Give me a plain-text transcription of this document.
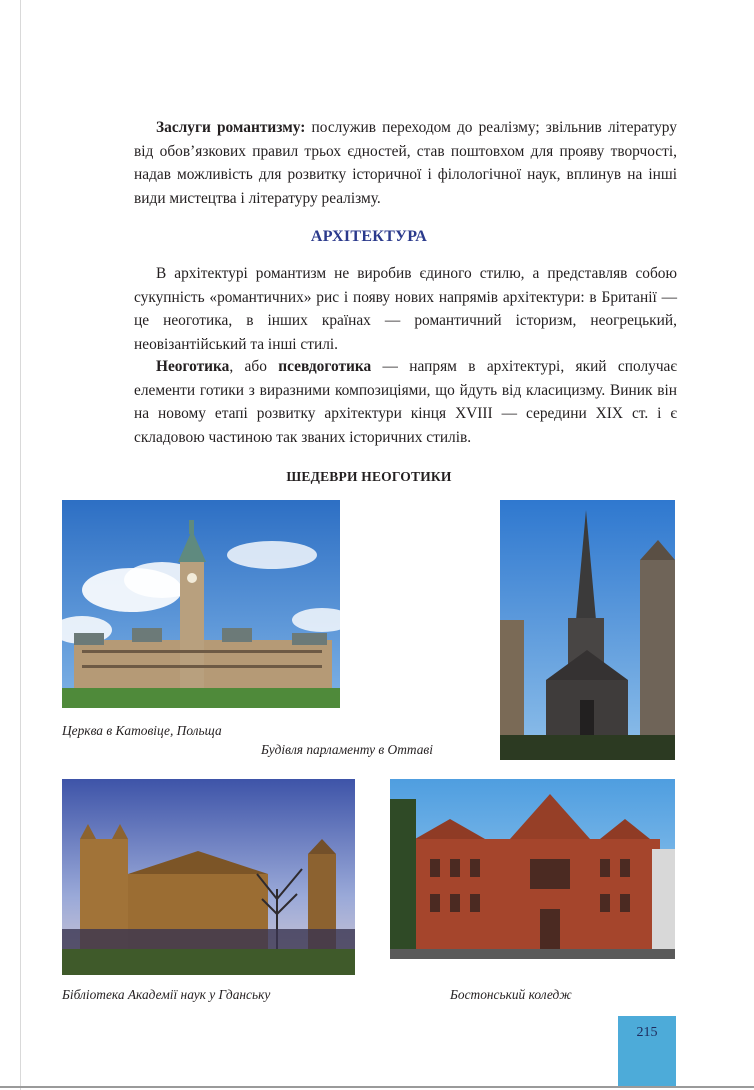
Заслуги романтизму: послужив переходом до реалізму; звільнив літературу від обов’язкових правил трьох єдностей, став поштовхом для прояву творчості, надав можливість для розвитку історичної і філологічної наук, вплинув на інші види мистецтва і літературу реалізму.

АРХІТЕКТУРА

В архітектурі романтизм не виробив єдиного стилю, а представляв собою сукупність «романтичних» рис і появу нових напрямів архітектури: в Британії — це неоготика, в інших країнах — романтичний історизм, неогрецький, неовізантійський та інші стилі.

Неоготика, або псевдоготика — напрям в архітектурі, який сполучає елементи готики з виразними композиціями, що йдуть від класицизму. Виник він на новому етапі розвитку архітектури кінця XVIII — середини XIX ст. і є складовою частиною так званих історичних стилів.

ШЕДЕВРИ НЕОГОТИКИ
Церква в Катовіце, Польща
Будівля парламенту в Оттаві
Бібліотека Академії наук у Гданську	Бостонський коледж
215
